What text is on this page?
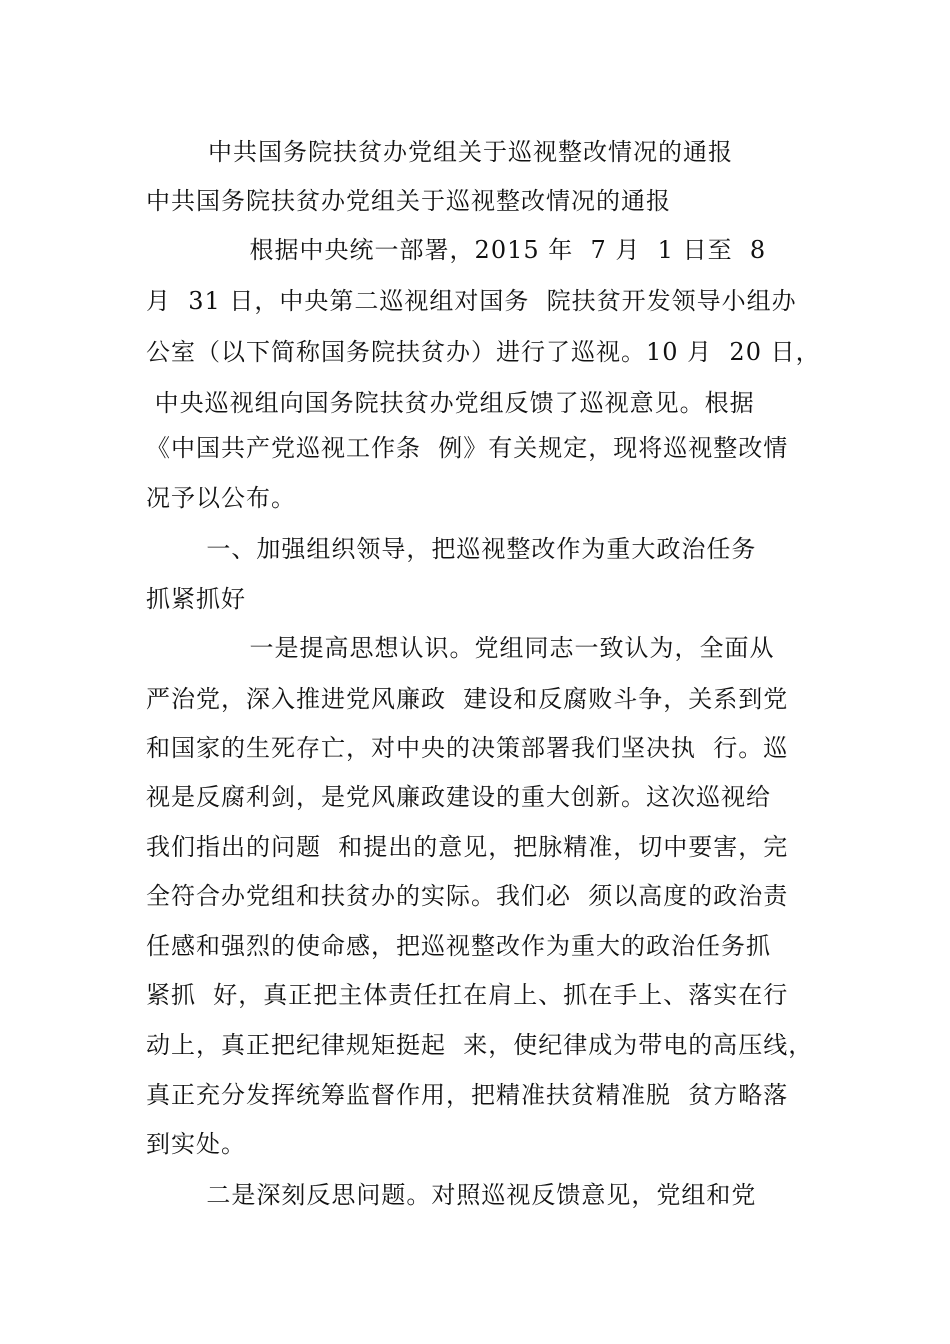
中共国务院扶贫办党组关于巡视整改情况的通报
中共国务院扶贫办党组关于巡视整改情况的通报
根据中央统一部署，2015 年  7 月  1 日至  8
月  31 日，中央第二巡视组对国务  院扶贫开发领导小组办
公室（以下简称国务院扶贫办）进行了巡视。10 月  20 日，
中央巡视组向国务院扶贫办党组反馈了巡视意见。根据
《中国共产党巡视工作条  例》有关规定，现将巡视整改情
况予以公布。
一、加强组织领导，把巡视整改作为重大政治任务
抓紧抓好
一是提高思想认识。党组同志一致认为，全面从
严治党，深入推进党风廉政  建设和反腐败斗争，关系到党
和国家的生死存亡，对中央的决策部署我们坚决执  行。巡
视是反腐利剑，是党风廉政建设的重大创新。这次巡视给
我们指出的问题  和提出的意见，把脉精准，切中要害，完
全符合办党组和扶贫办的实际。我们必  须以高度的政治责
任感和强烈的使命感，把巡视整改作为重大的政治任务抓
紧抓  好，真正把主体责任扛在肩上、抓在手上、落实在行
动上，真正把纪律规矩挺起  来，使纪律成为带电的高压线，
真正充分发挥统筹监督作用，把精准扶贫精准脱  贫方略落
到实处。
二是深刻反思问题。对照巡视反馈意见，党组和党
